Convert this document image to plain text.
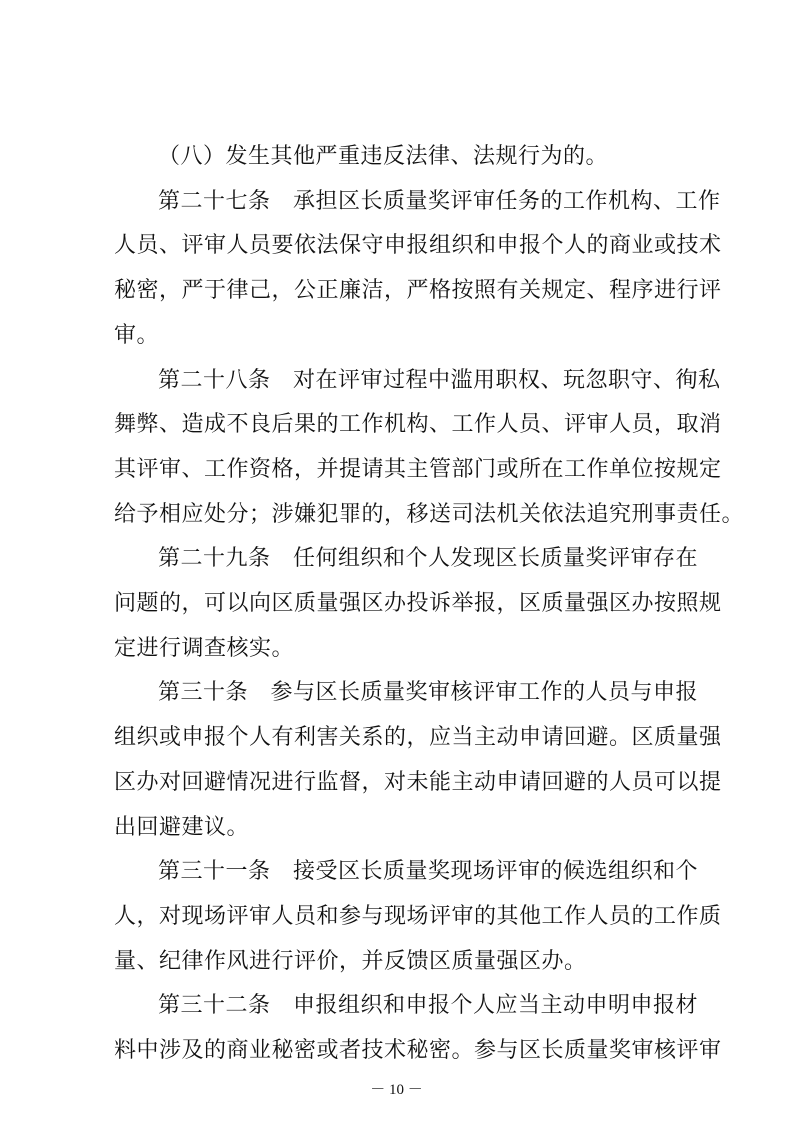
（八）发生其他严重违反法律、法规行为的。
第二十七条　承担区长质量奖评审任务的工作机构、工作
人员、评审人员要依法保守申报组织和申报个人的商业或技术
秘密，严于律己，公正廉洁，严格按照有关规定、程序进行评
审。
第二十八条　对在评审过程中滥用职权、玩忽职守、徇私
舞弊、造成不良后果的工作机构、工作人员、评审人员，取消
其评审、工作资格，并提请其主管部门或所在工作单位按规定
给予相应处分；涉嫌犯罪的，移送司法机关依法追究刑事责任。
第二十九条　任何组织和个人发现区长质量奖评审存在
问题的，可以向区质量强区办投诉举报，区质量强区办按照规
定进行调查核实。
第三十条　参与区长质量奖审核评审工作的人员与申报
组织或申报个人有利害关系的，应当主动申请回避。区质量强
区办对回避情况进行监督，对未能主动申请回避的人员可以提
出回避建议。
第三十一条　接受区长质量奖现场评审的候选组织和个
人，对现场评审人员和参与现场评审的其他工作人员的工作质
量、纪律作风进行评价，并反馈区质量强区办。
第三十二条　申报组织和申报个人应当主动申明申报材
料中涉及的商业秘密或者技术秘密。参与区长质量奖审核评审
－ 10 －
